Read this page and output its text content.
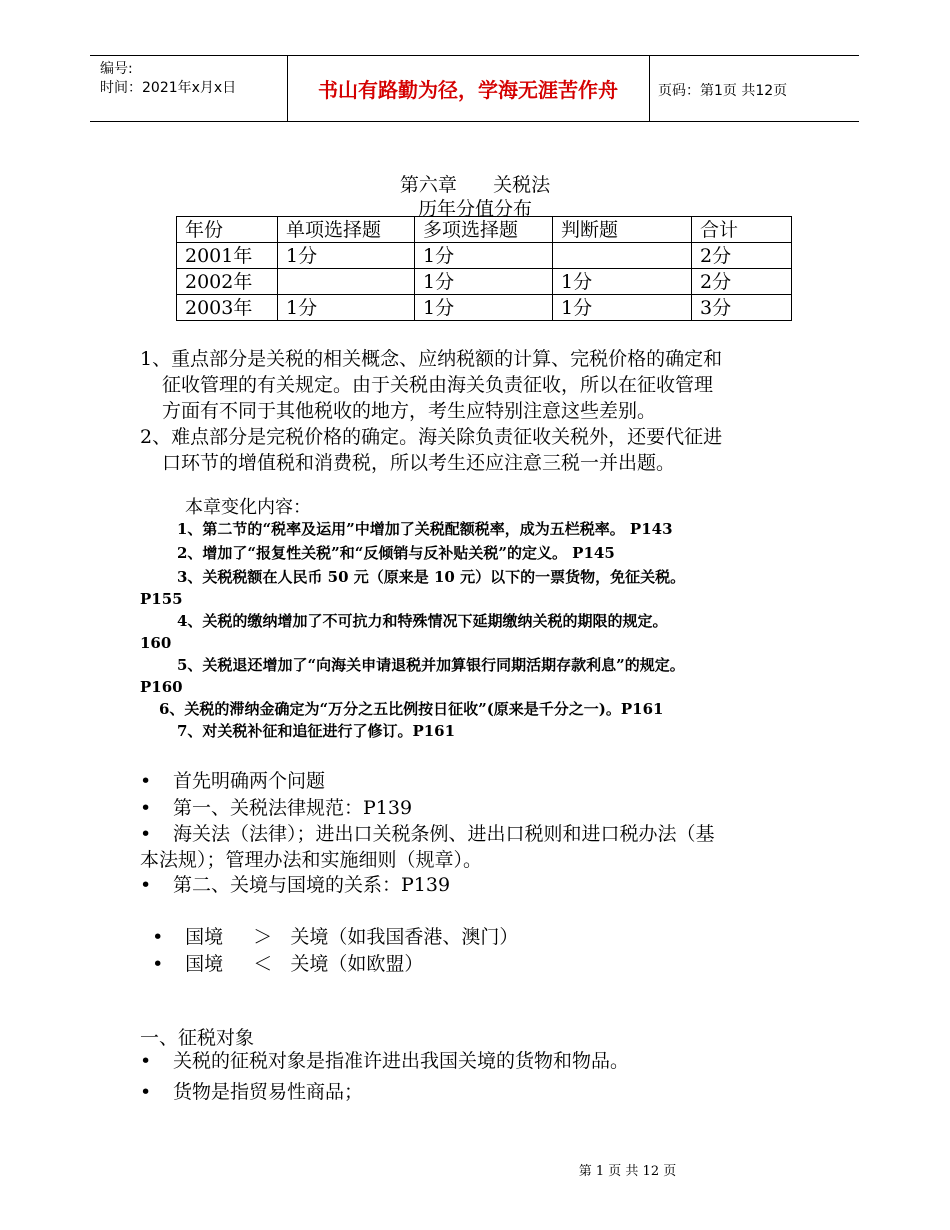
编号:
时间：2021年x月x日	书山有路勤为径，学海无涯苦作舟	页码：第1页 共12页
第六章      关税法
历年分值分布
年份	单项选择题	多项选择题	判断题	合计
2001年	1分	1分		2分
2002年		1分	1分	2分
2003年	1分	1分	1分	3分
1、重点部分是关税的相关概念、应纳税额的计算、完税价格的确定和
征收管理的有关规定。由于关税由海关负责征收，所以在征收管理
方面有不同于其他税收的地方，考生应特别注意这些差别。
2、难点部分是完税价格的确定。海关除负责征收关税外，还要代征进
口环节的增值税和消费税，所以考生还应注意三税一并出题。
本章变化内容：
1、第二节的“税率及运用”中增加了关税配额税率，成为五栏税率。 P143
2、增加了“报复性关税”和“反倾销与反补贴关税”的定义。 P145
3、关税税额在人民币 50 元（原来是 10 元）以下的一票货物，免征关税。
P155
4、关税的缴纳增加了不可抗力和特殊情况下延期缴纳关税的期限的规定。
160
5、关税退还增加了“向海关申请退税并加算银行同期活期存款利息”的规定。
P160
6、关税的滞纳金确定为“万分之五比例按日征收”(原来是千分之一)。P161
7、对关税补征和追征进行了修订。P161
• 首先明确两个问题
• 第一、关税法律规范：P139
• 海关法（法律）；进出口关税条例、进出口税则和进口税办法（基
本法规）；管理办法和实施细则（规章）。
• 第二、关境与国境的关系：P139

• 国境     ＞   关境（如我国香港、澳门）

• 国境     ＜   关境（如欧盟）

一、征税对象
• 关税的征税对象是指准许进出我国关境的货物和物品。
• 货物是指贸易性商品；
第 1 页 共 12 页
